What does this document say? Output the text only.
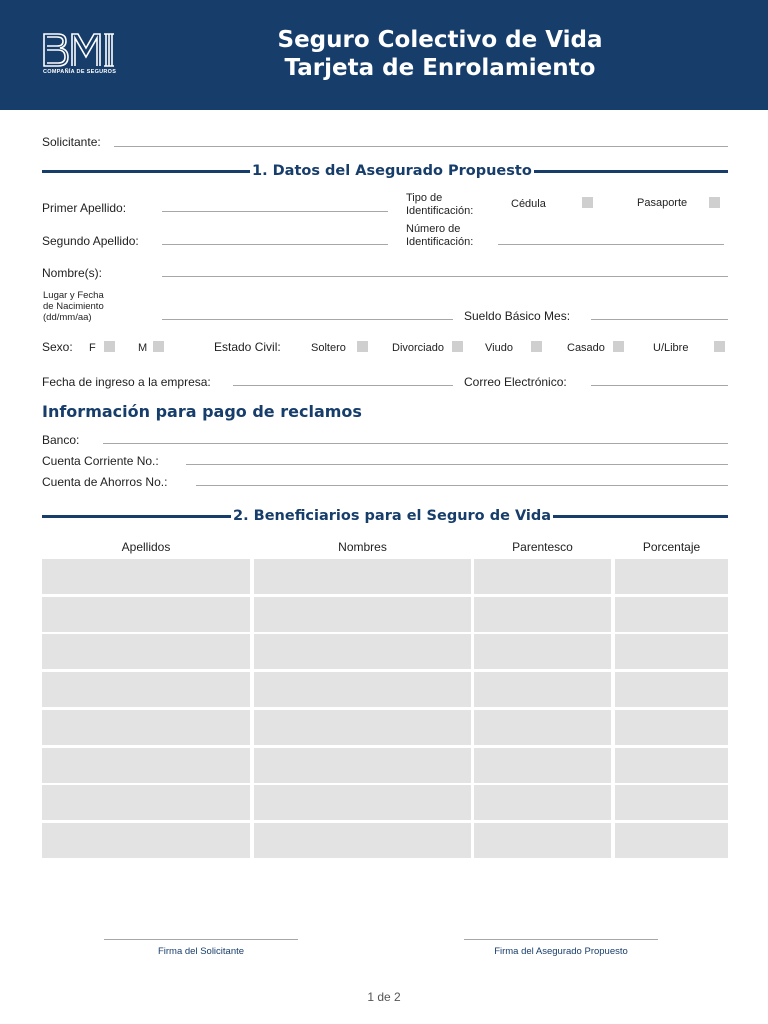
COMPAÑÍA DE SEGUROS
Seguro Colectivo de Vida
Tarjeta de Enrolamiento
Solicitante:
1. Datos del Asegurado Propuesto
Primer Apellido:
Tipo de
Identificación:
Cédula	Pasaporte
Segundo Apellido:
Número de
Identificación:
Nombre(s):
Lugar y Fecha
de Nacimiento
(dd/mm/aa)	Sueldo Básico Mes:
Sexo: F	M	Estado Civil:	Soltero	Divorciado	Viudo	Casado	U/Libre
Fecha de ingreso a la empresa:	Correo Electrónico:
Información para pago de reclamos
Banco:
Cuenta Corriente No.:
Cuenta de Ahorros No.:
2. Beneficiarios para el Seguro de Vida
Apellidos	Nombres	Parentesco	Porcentaje
Firma del Solicitante	Firma del Asegurado Propuesto
1 de 2
